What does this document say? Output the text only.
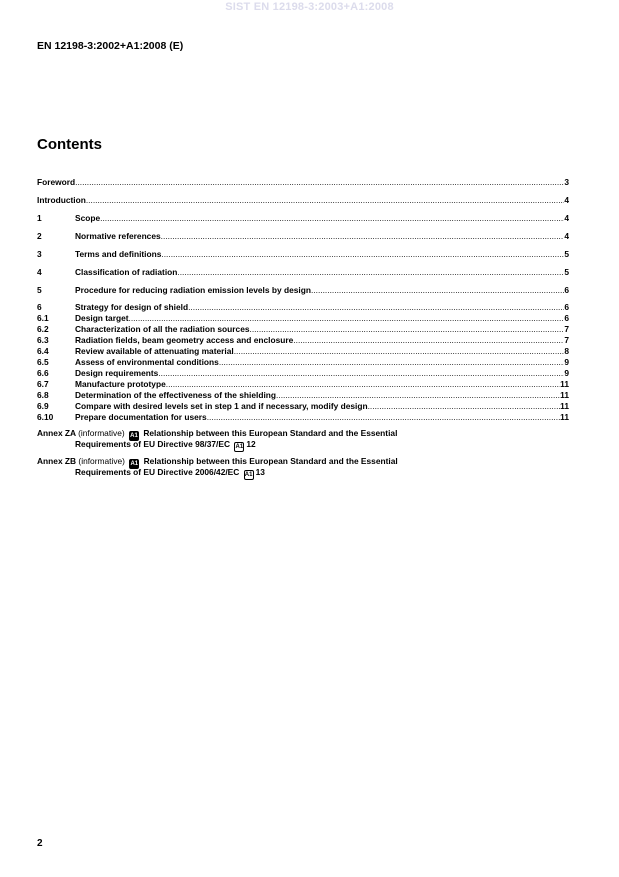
SIST EN 12198-3:2003+A1:2008
EN 12198-3:2002+A1:2008 (E)
Contents
Foreword .....	3
Introduction .....	4
1	Scope .....	4
2	Normative references .....	4
3	Terms and definitions .....	5
4	Classification of radiation .....	5
5	Procedure for reducing radiation emission levels by design .....	6
6	Strategy for design of shield .....	6
6.1	Design target .....	6
6.2	Characterization of all the radiation sources .....	7
6.3	Radiation fields, beam geometry access and enclosure .....	7
6.4	Review available of attenuating material .....	8
6.5	Assess of environmental conditions .....	9
6.6	Design requirements .....	9
6.7	Manufacture prototype .....	11
6.8	Determination of the effectiveness of the shielding .....	11
6.9	Compare with desired levels set in step 1 and if necessary, modify design .....	11
6.10	Prepare documentation for users .....	11
Annex ZA (informative) A1 Relationship between this European Standard and the Essential
Requirements of EU Directive 98/37/EC A1 12
Annex ZB (informative) A1 Relationship between this European Standard and the Essential
Requirements of EU Directive 2006/42/EC A1 13
2
